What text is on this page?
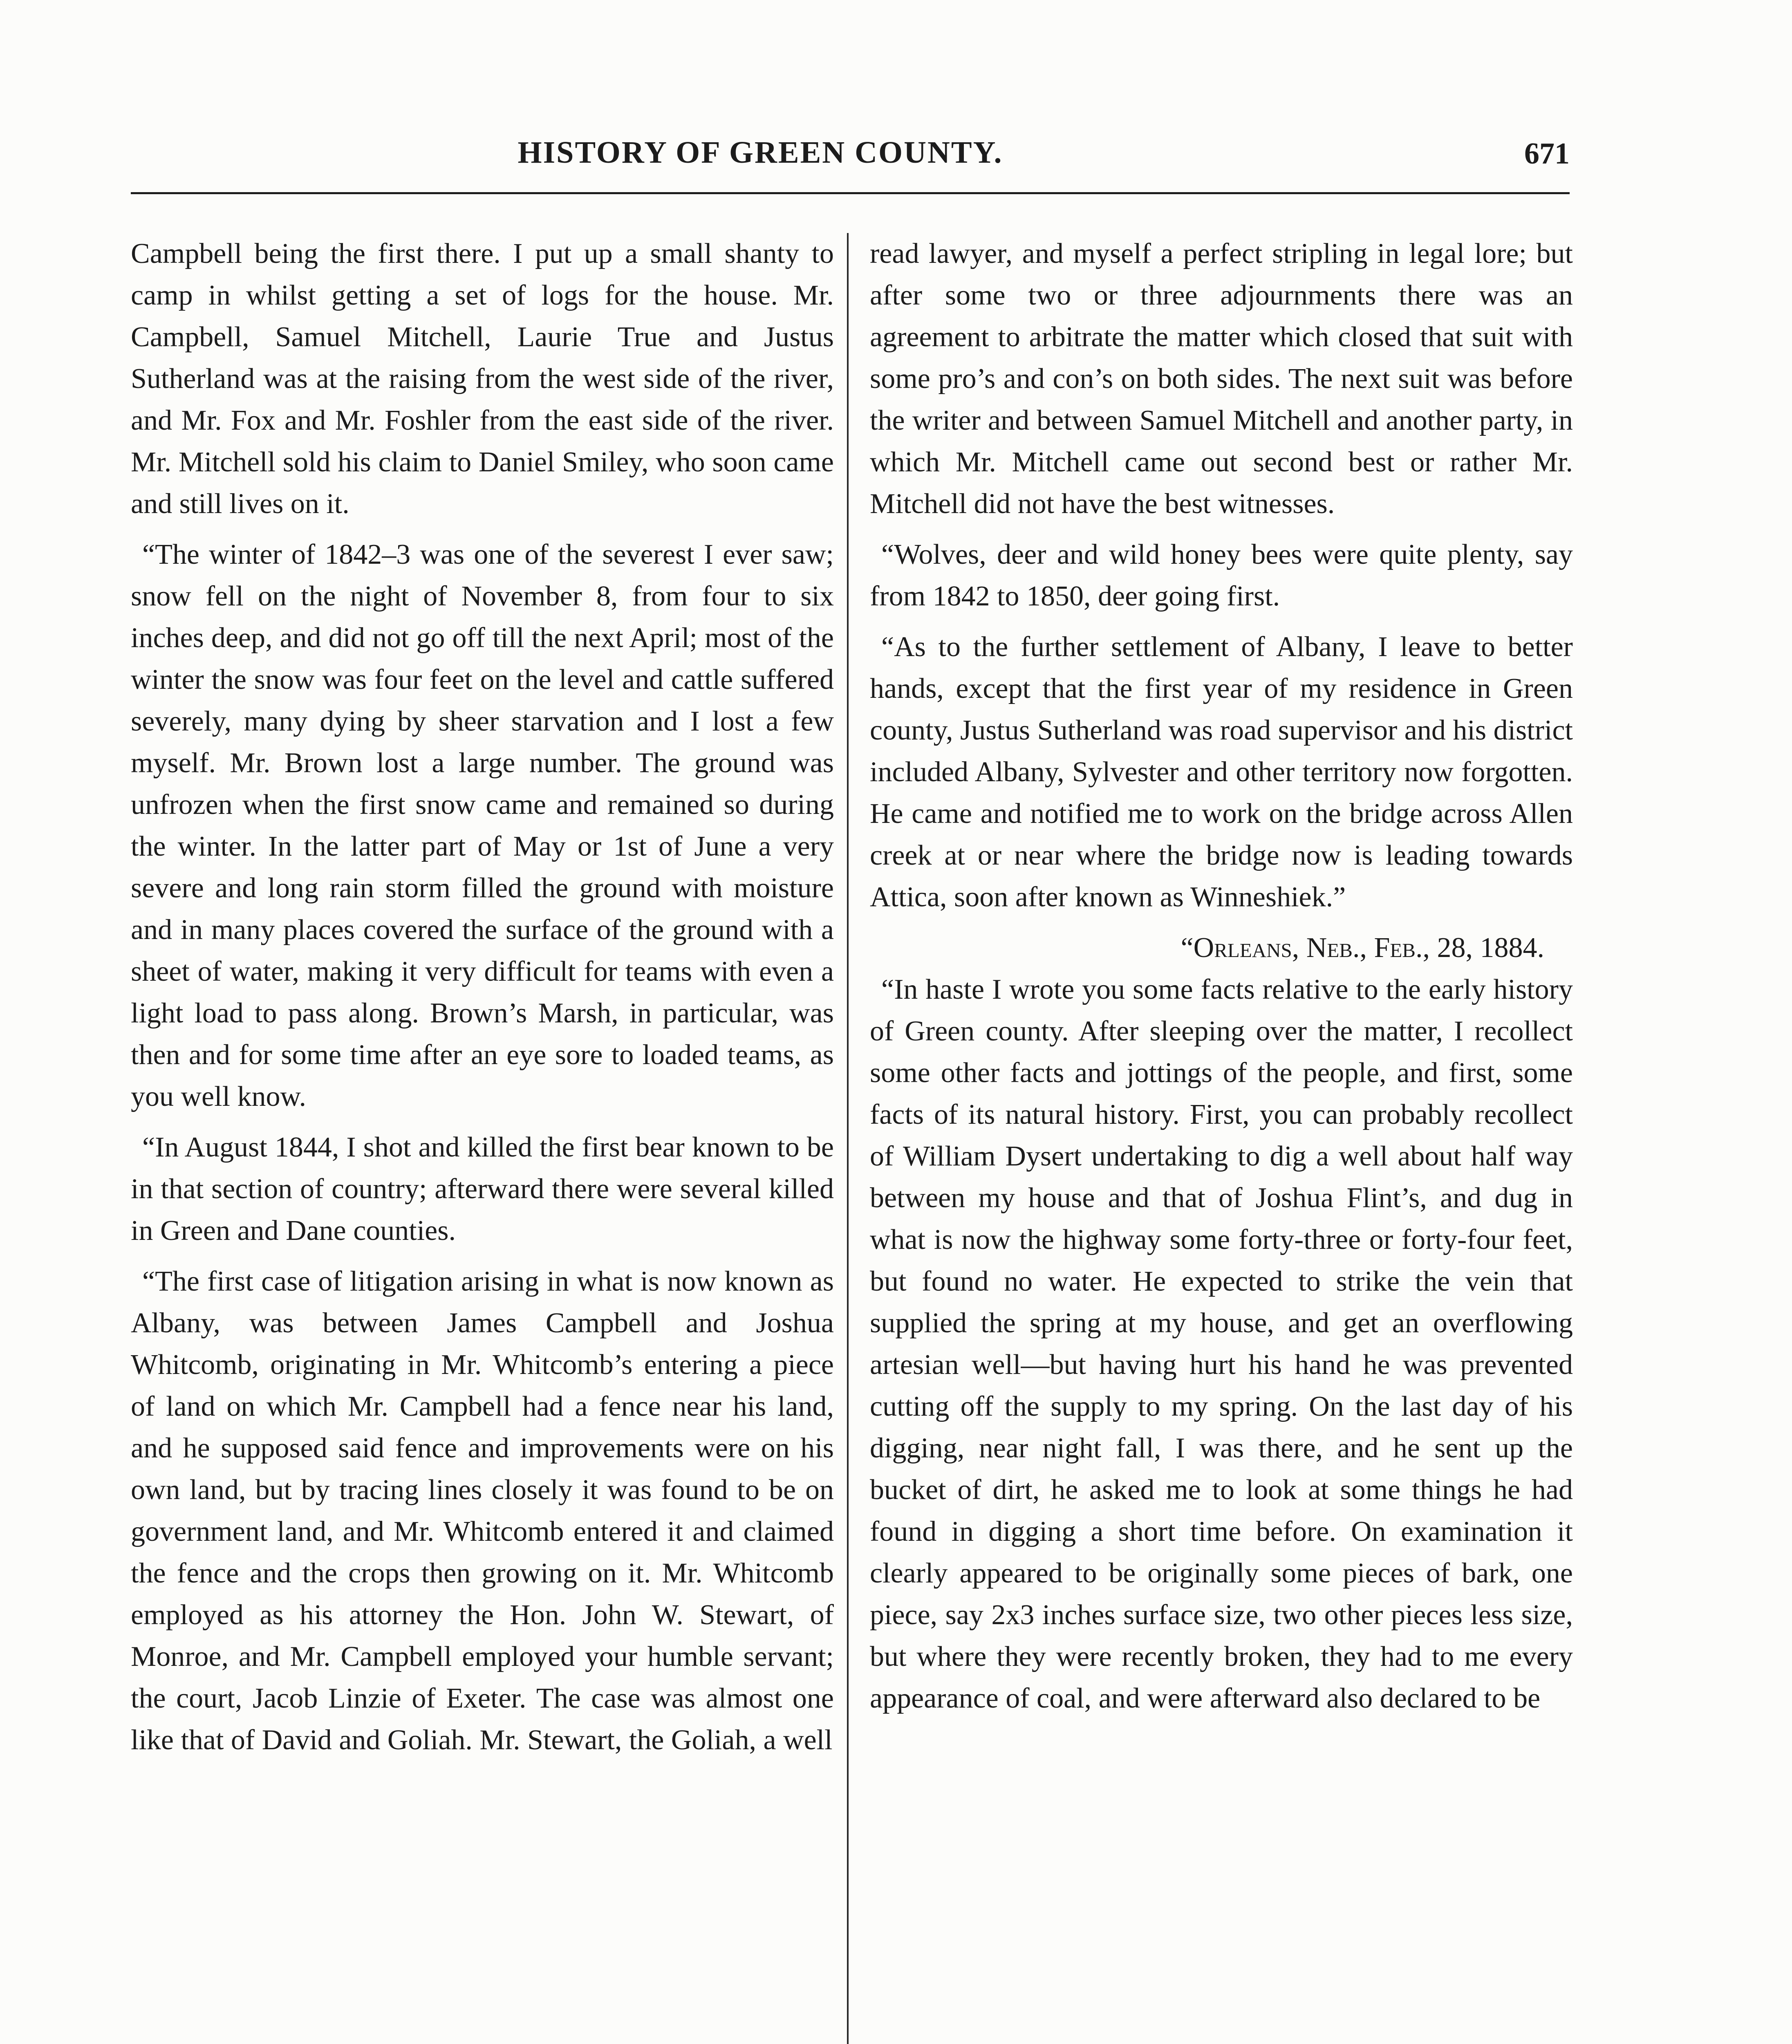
HISTORY OF GREEN COUNTY.	671

Campbell being the first there. I put up a small shanty to camp in whilst getting a set of logs for the house. Mr. Campbell, Samuel Mitchell, Laurie True and Justus Sutherland was at the raising from the west side of the river, and Mr. Fox and Mr. Foshler from the east side of the river. Mr. Mitchell sold his claim to Daniel Smiley, who soon came and still lives on it.

“The winter of 1842–3 was one of the severest I ever saw; snow fell on the night of November 8, from four to six inches deep, and did not go off till the next April; most of the winter the snow was four feet on the level and cattle suffered severely, many dying by sheer starvation and I lost a few myself. Mr. Brown lost a large number. The ground was unfrozen when the first snow came and remained so during the winter. In the latter part of May or 1st of June a very severe and long rain storm filled the ground with moisture and in many places covered the surface of the ground with a sheet of water, making it very difficult for teams with even a light load to pass along. Brown’s Marsh, in particular, was then and for some time after an eye sore to loaded teams, as you well know.

“In August 1844, I shot and killed the first bear known to be in that section of country; afterward there were several killed in Green and Dane counties.

“The first case of litigation arising in what is now known as Albany, was between James Campbell and Joshua Whitcomb, originating in Mr. Whitcomb’s entering a piece of land on which Mr. Campbell had a fence near his land, and he supposed said fence and improvements were on his own land, but by tracing lines closely it was found to be on government land, and Mr. Whitcomb entered it and claimed the fence and the crops then growing on it. Mr. Whitcomb employed as his attorney the Hon. John W. Stewart, of Monroe, and Mr. Campbell employed your humble servant; the court, Jacob Linzie of Exeter. The case was almost one like that of David and Goliah. Mr. Stewart, the Goliah, a well

read lawyer, and myself a perfect stripling in legal lore; but after some two or three adjournments there was an agreement to arbitrate the matter which closed that suit with some pro’s and con’s on both sides. The next suit was before the writer and between Samuel Mitchell and another party, in which Mr. Mitchell came out second best or rather Mr. Mitchell did not have the best witnesses.

“Wolves, deer and wild honey bees were quite plenty, say from 1842 to 1850, deer going first.

“As to the further settlement of Albany, I leave to better hands, except that the first year of my residence in Green county, Justus Sutherland was road supervisor and his district included Albany, Sylvester and other territory now forgotten. He came and notified me to work on the bridge across Allen creek at or near where the bridge now is leading towards Attica, soon after known as Winneshiek.”

“Orleans, Neb., Feb., 28, 1884.

“In haste I wrote you some facts relative to the early history of Green county. After sleeping over the matter, I recollect some other facts and jottings of the people, and first, some facts of its natural history. First, you can probably recollect of William Dysert undertaking to dig a well about half way between my house and that of Joshua Flint’s, and dug in what is now the highway some forty-three or forty-four feet, but found no water. He expected to strike the vein that supplied the spring at my house, and get an overflowing artesian well—but having hurt his hand he was prevented cutting off the supply to my spring. On the last day of his digging, near night fall, I was there, and he sent up the bucket of dirt, he asked me to look at some things he had found in digging a short time before. On examination it clearly appeared to be originally some pieces of bark, one piece, say 2x3 inches surface size, two other pieces less size, but where they were recently broken, they had to me every appearance of coal, and were afterward also declared to be
